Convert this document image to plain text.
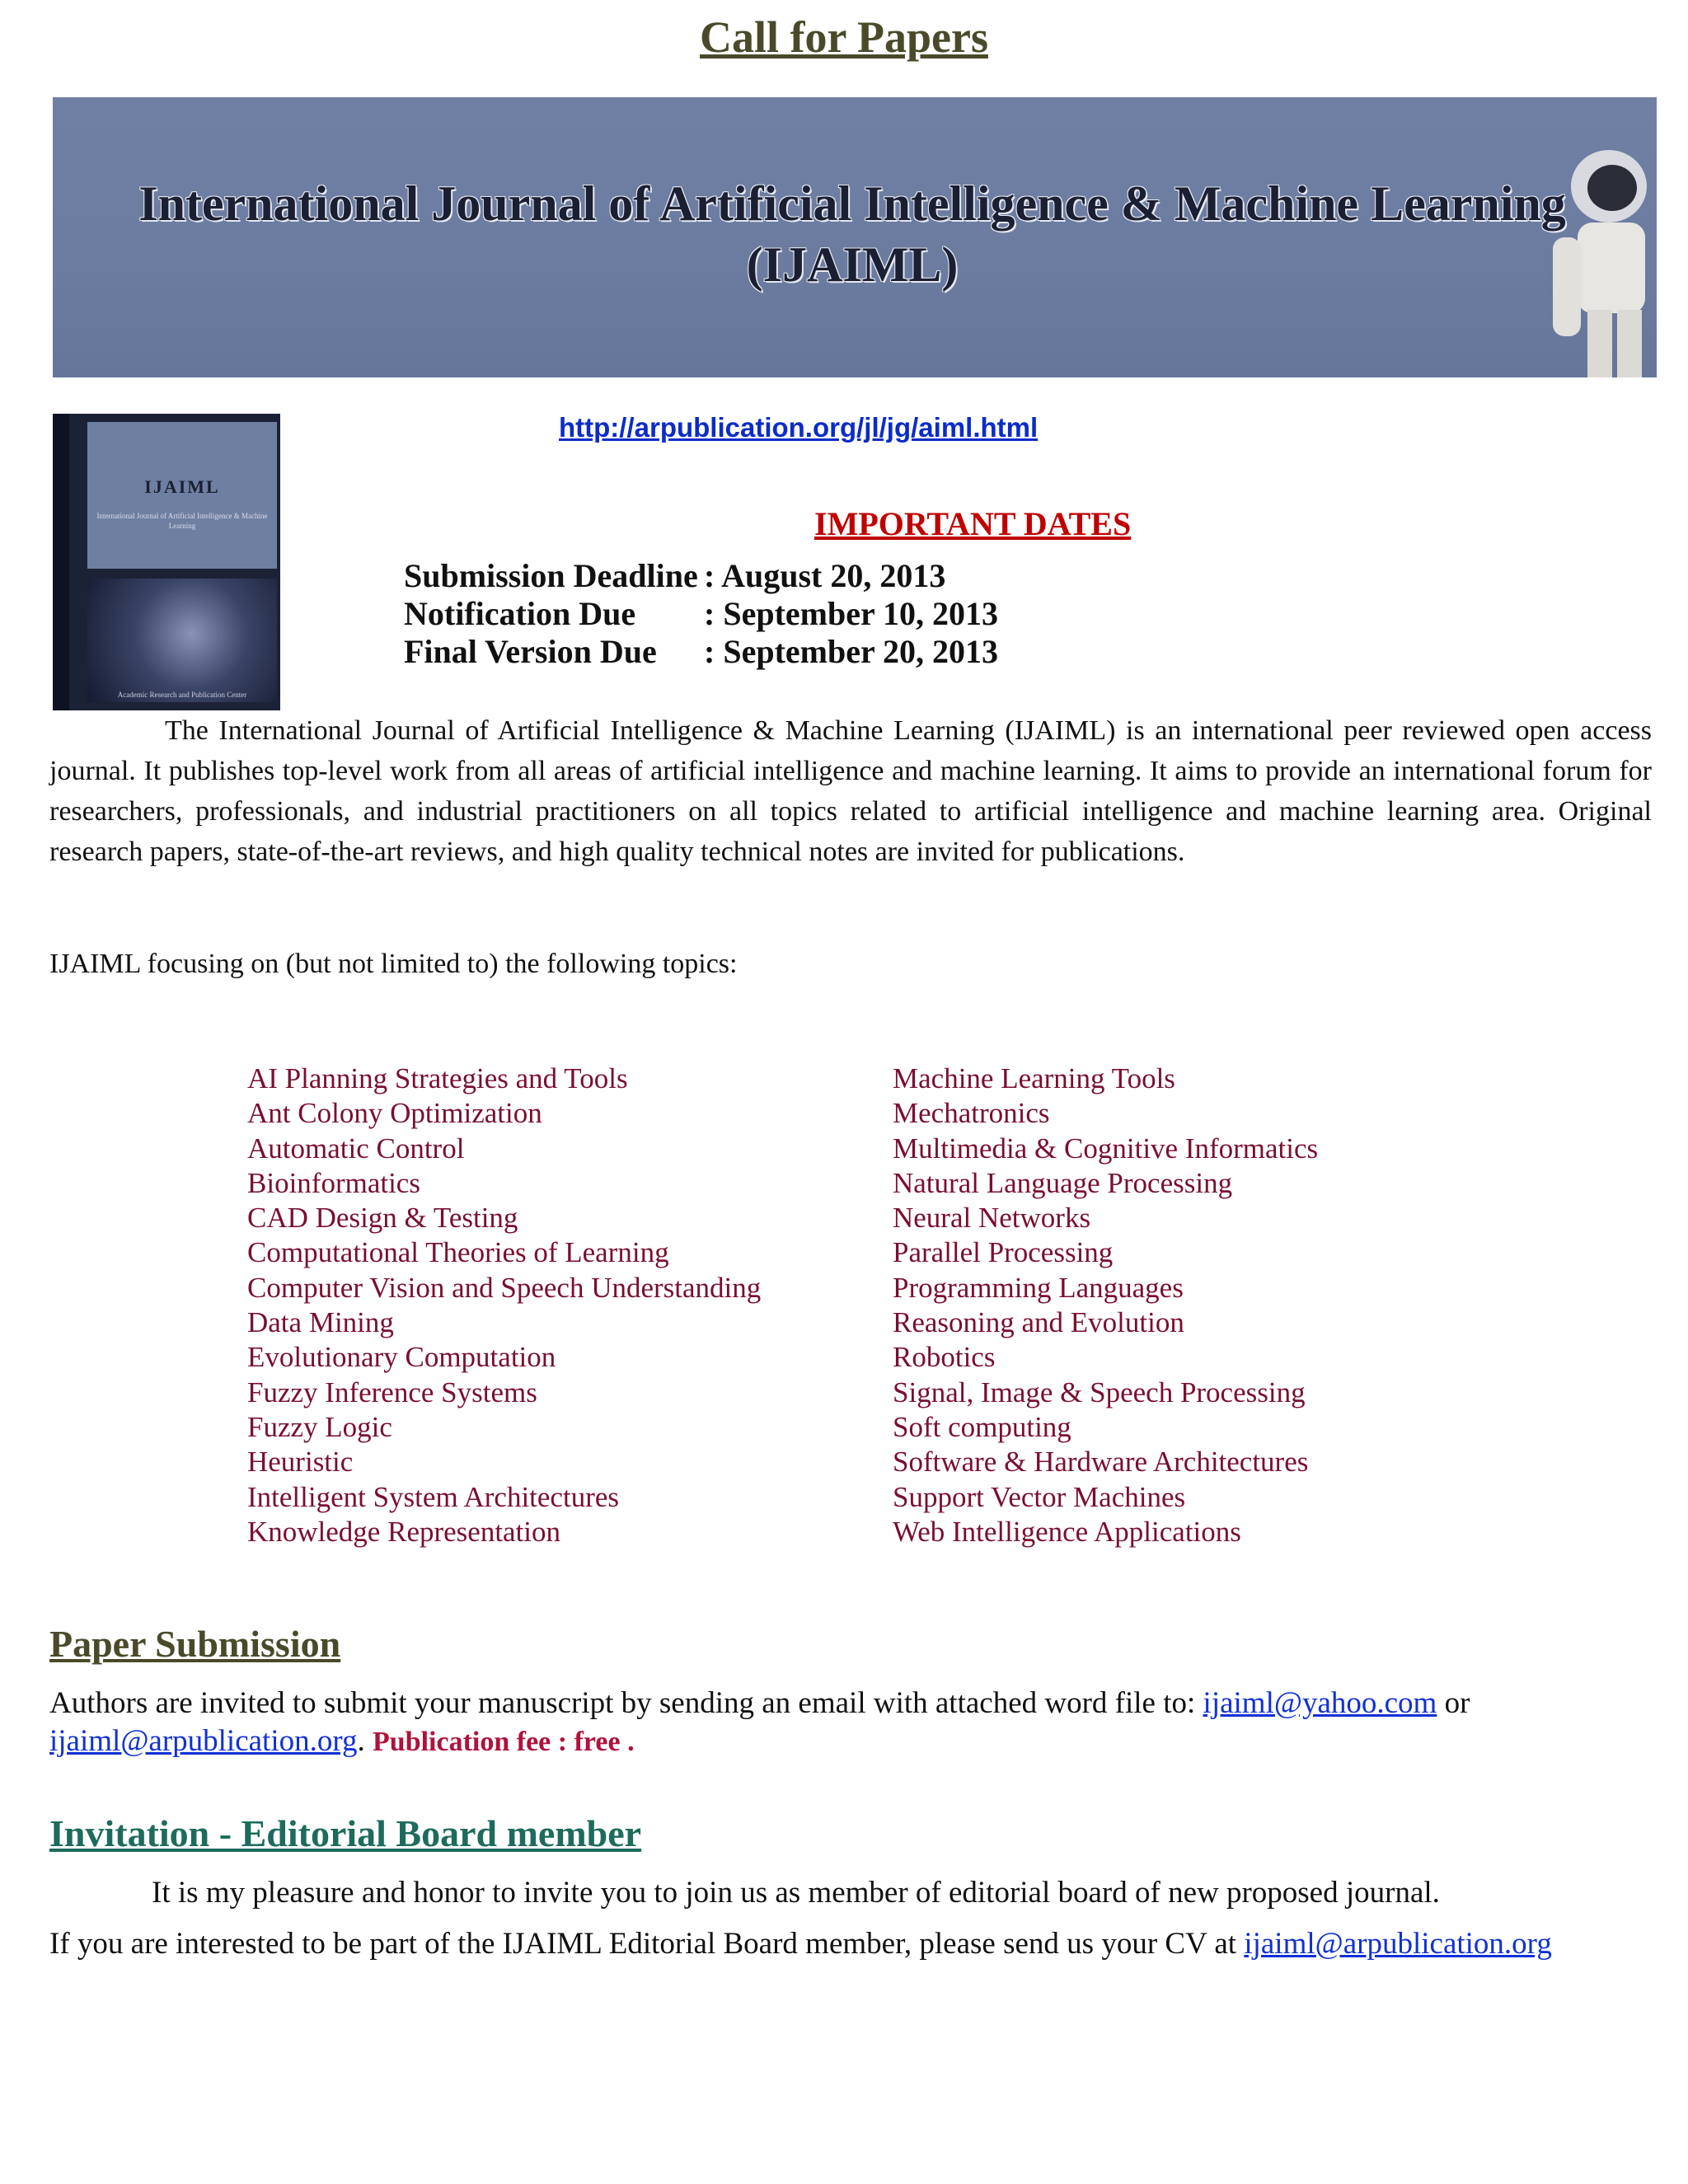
Call for Papers
International Journal of Artificial Intelligence & Machine Learning (IJAIML)
IJAIML
International Journal of Artificial Intelligence & Machine Learning
Academic Research and Publication Center
http://arpublication.org/jl/jg/aiml.html
IMPORTANT DATES
Submission Deadline : August 20, 2013
Notification Due : September 10, 2013
Final Version Due : September 20, 2013

The International Journal of Artificial Intelligence & Machine Learning (IJAIML) is an international peer reviewed open access journal. It publishes top-level work from all areas of artificial intelligence and machine learning. It aims to provide an international forum for researchers, professionals, and industrial practitioners on all topics related to artificial intelligence and machine learning area. Original research papers, state-of-the-art reviews, and high quality technical notes are invited for publications.

IJAIML focusing on (but not limited to) the following topics:

AI Planning Strategies and Tools
Ant Colony Optimization
Automatic Control
Bioinformatics
CAD Design & Testing
Computational Theories of Learning
Computer Vision and Speech Understanding
Data Mining
Evolutionary Computation
Fuzzy Inference Systems
Fuzzy Logic
Heuristic
Intelligent System Architectures
Knowledge Representation
Machine Learning Tools
Mechatronics
Multimedia & Cognitive Informatics
Natural Language Processing
Neural Networks
Parallel Processing
Programming Languages
Reasoning and Evolution
Robotics
Signal, Image & Speech Processing
Soft computing
Software & Hardware Architectures
Support Vector Machines
Web Intelligence Applications
Paper Submission

Authors are invited to submit your manuscript by sending an email with attached word file to: ijaiml@yahoo.com or ijaiml@arpublication.org. Publication fee : free .

Invitation - Editorial Board member

It is my pleasure and honor to invite you to join us as member of editorial board of new proposed journal.

If you are interested to be part of the IJAIML Editorial Board member, please send us your CV at ijaiml@arpublication.org
